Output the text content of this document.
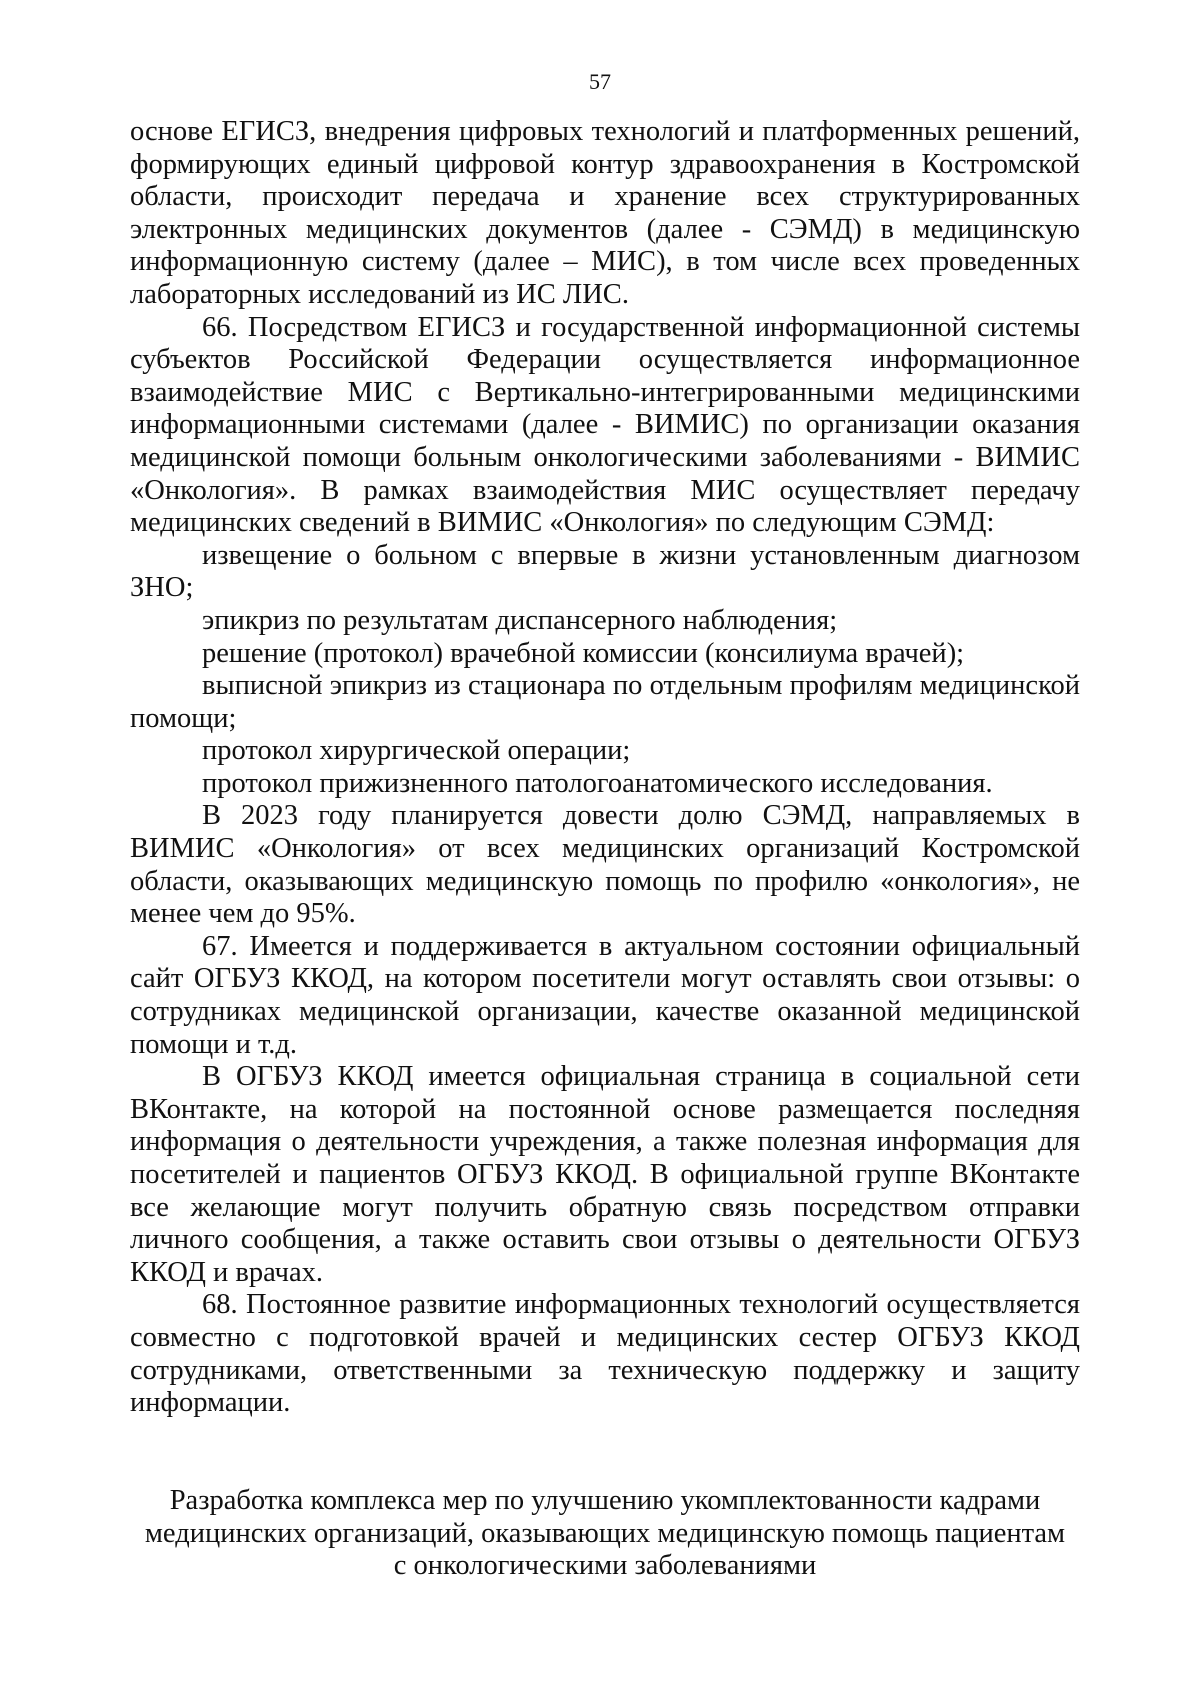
57

основе ЕГИСЗ, внедрения цифровых технологий и платформенных решений, формирующих единый цифровой контур здравоохранения в Костромской области, происходит передача и хранение всех структурированных электронных медицинских документов (далее - СЭМД) в медицинскую информационную систему (далее – МИС), в том числе всех проведенных лабораторных исследований из ИС ЛИС.

66. Посредством ЕГИСЗ и государственной информационной системы субъектов Российской Федерации осуществляется информационное взаимодействие МИС с Вертикально-интегрированными медицинскими информационными системами (далее - ВИМИС) по организации оказания медицинской помощи больным онкологическими заболеваниями - ВИМИС «Онкология». В рамках взаимодействия МИС осуществляет передачу медицинских сведений в ВИМИС «Онкология» по следующим СЭМД:

извещение о больном с впервые в жизни установленным диагнозом ЗНО;

эпикриз по результатам диспансерного наблюдения;

решение (протокол) врачебной комиссии (консилиума врачей);

выписной эпикриз из стационара по отдельным профилям медицинской помощи;

протокол хирургической операции;

протокол прижизненного патологоанатомического исследования.

В 2023 году планируется довести долю СЭМД, направляемых в ВИМИС «Онкология» от всех медицинских организаций Костромской области, оказывающих медицинскую помощь по профилю «онкология», не менее чем до 95%.

67. Имеется и поддерживается в актуальном состоянии официальный сайт ОГБУЗ ККОД, на котором посетители могут оставлять свои отзывы: о сотрудниках медицинской организации, качестве оказанной медицинской помощи и т.д.

В ОГБУЗ ККОД имеется официальная страница в социальной сети ВКонтакте, на которой на постоянной основе размещается последняя информация о деятельности учреждения, а также полезная информация для посетителей и пациентов ОГБУЗ ККОД. В официальной группе ВКонтакте все желающие могут получить обратную связь посредством отправки личного сообщения, а также оставить свои отзывы о деятельности ОГБУЗ ККОД и врачах.

68. Постоянное развитие информационных технологий осуществляется совместно с подготовкой врачей и медицинских сестер ОГБУЗ ККОД сотрудниками, ответственными за техническую поддержку и защиту информации.

Разработка комплекса мер по улучшению укомплектованности кадрами
медицинских организаций, оказывающих медицинскую помощь пациентам
с онкологическими заболеваниями
